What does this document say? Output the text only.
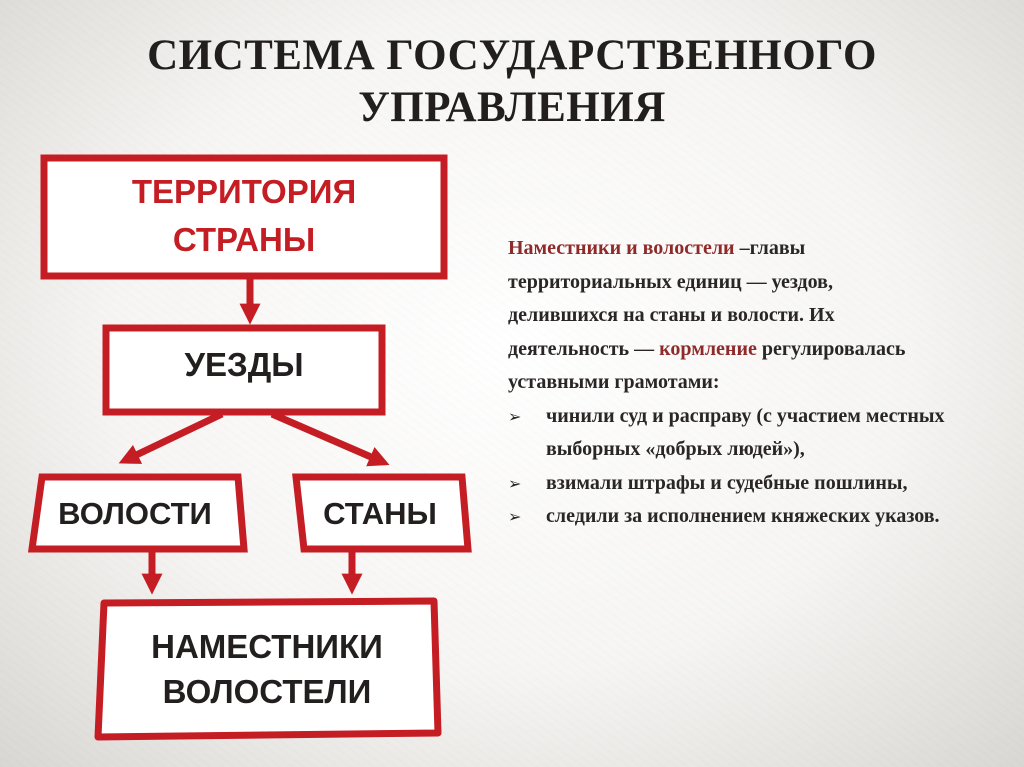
СИСТЕМА ГОСУДАРСТВЕННОГО
УПРАВЛЕНИЯ
ТЕРРИТОРИЯ
СТРАНЫ
УЕЗДЫ
ВОЛОСТИ	СТАНЫ
НАМЕСТНИКИ
ВОЛОСТЕЛИ

Наместники и волостели –главы территориальных единиц — уездов, делившихся на станы и волости. Их деятельность — кормление регулировалась уставными грамотами:

➢	чинили суд и расправу (с участием местных выборных «добрых людей»),
➢	взимали штрафы и судебные пошлины,
➢	следили за исполнением княжеских указов.
